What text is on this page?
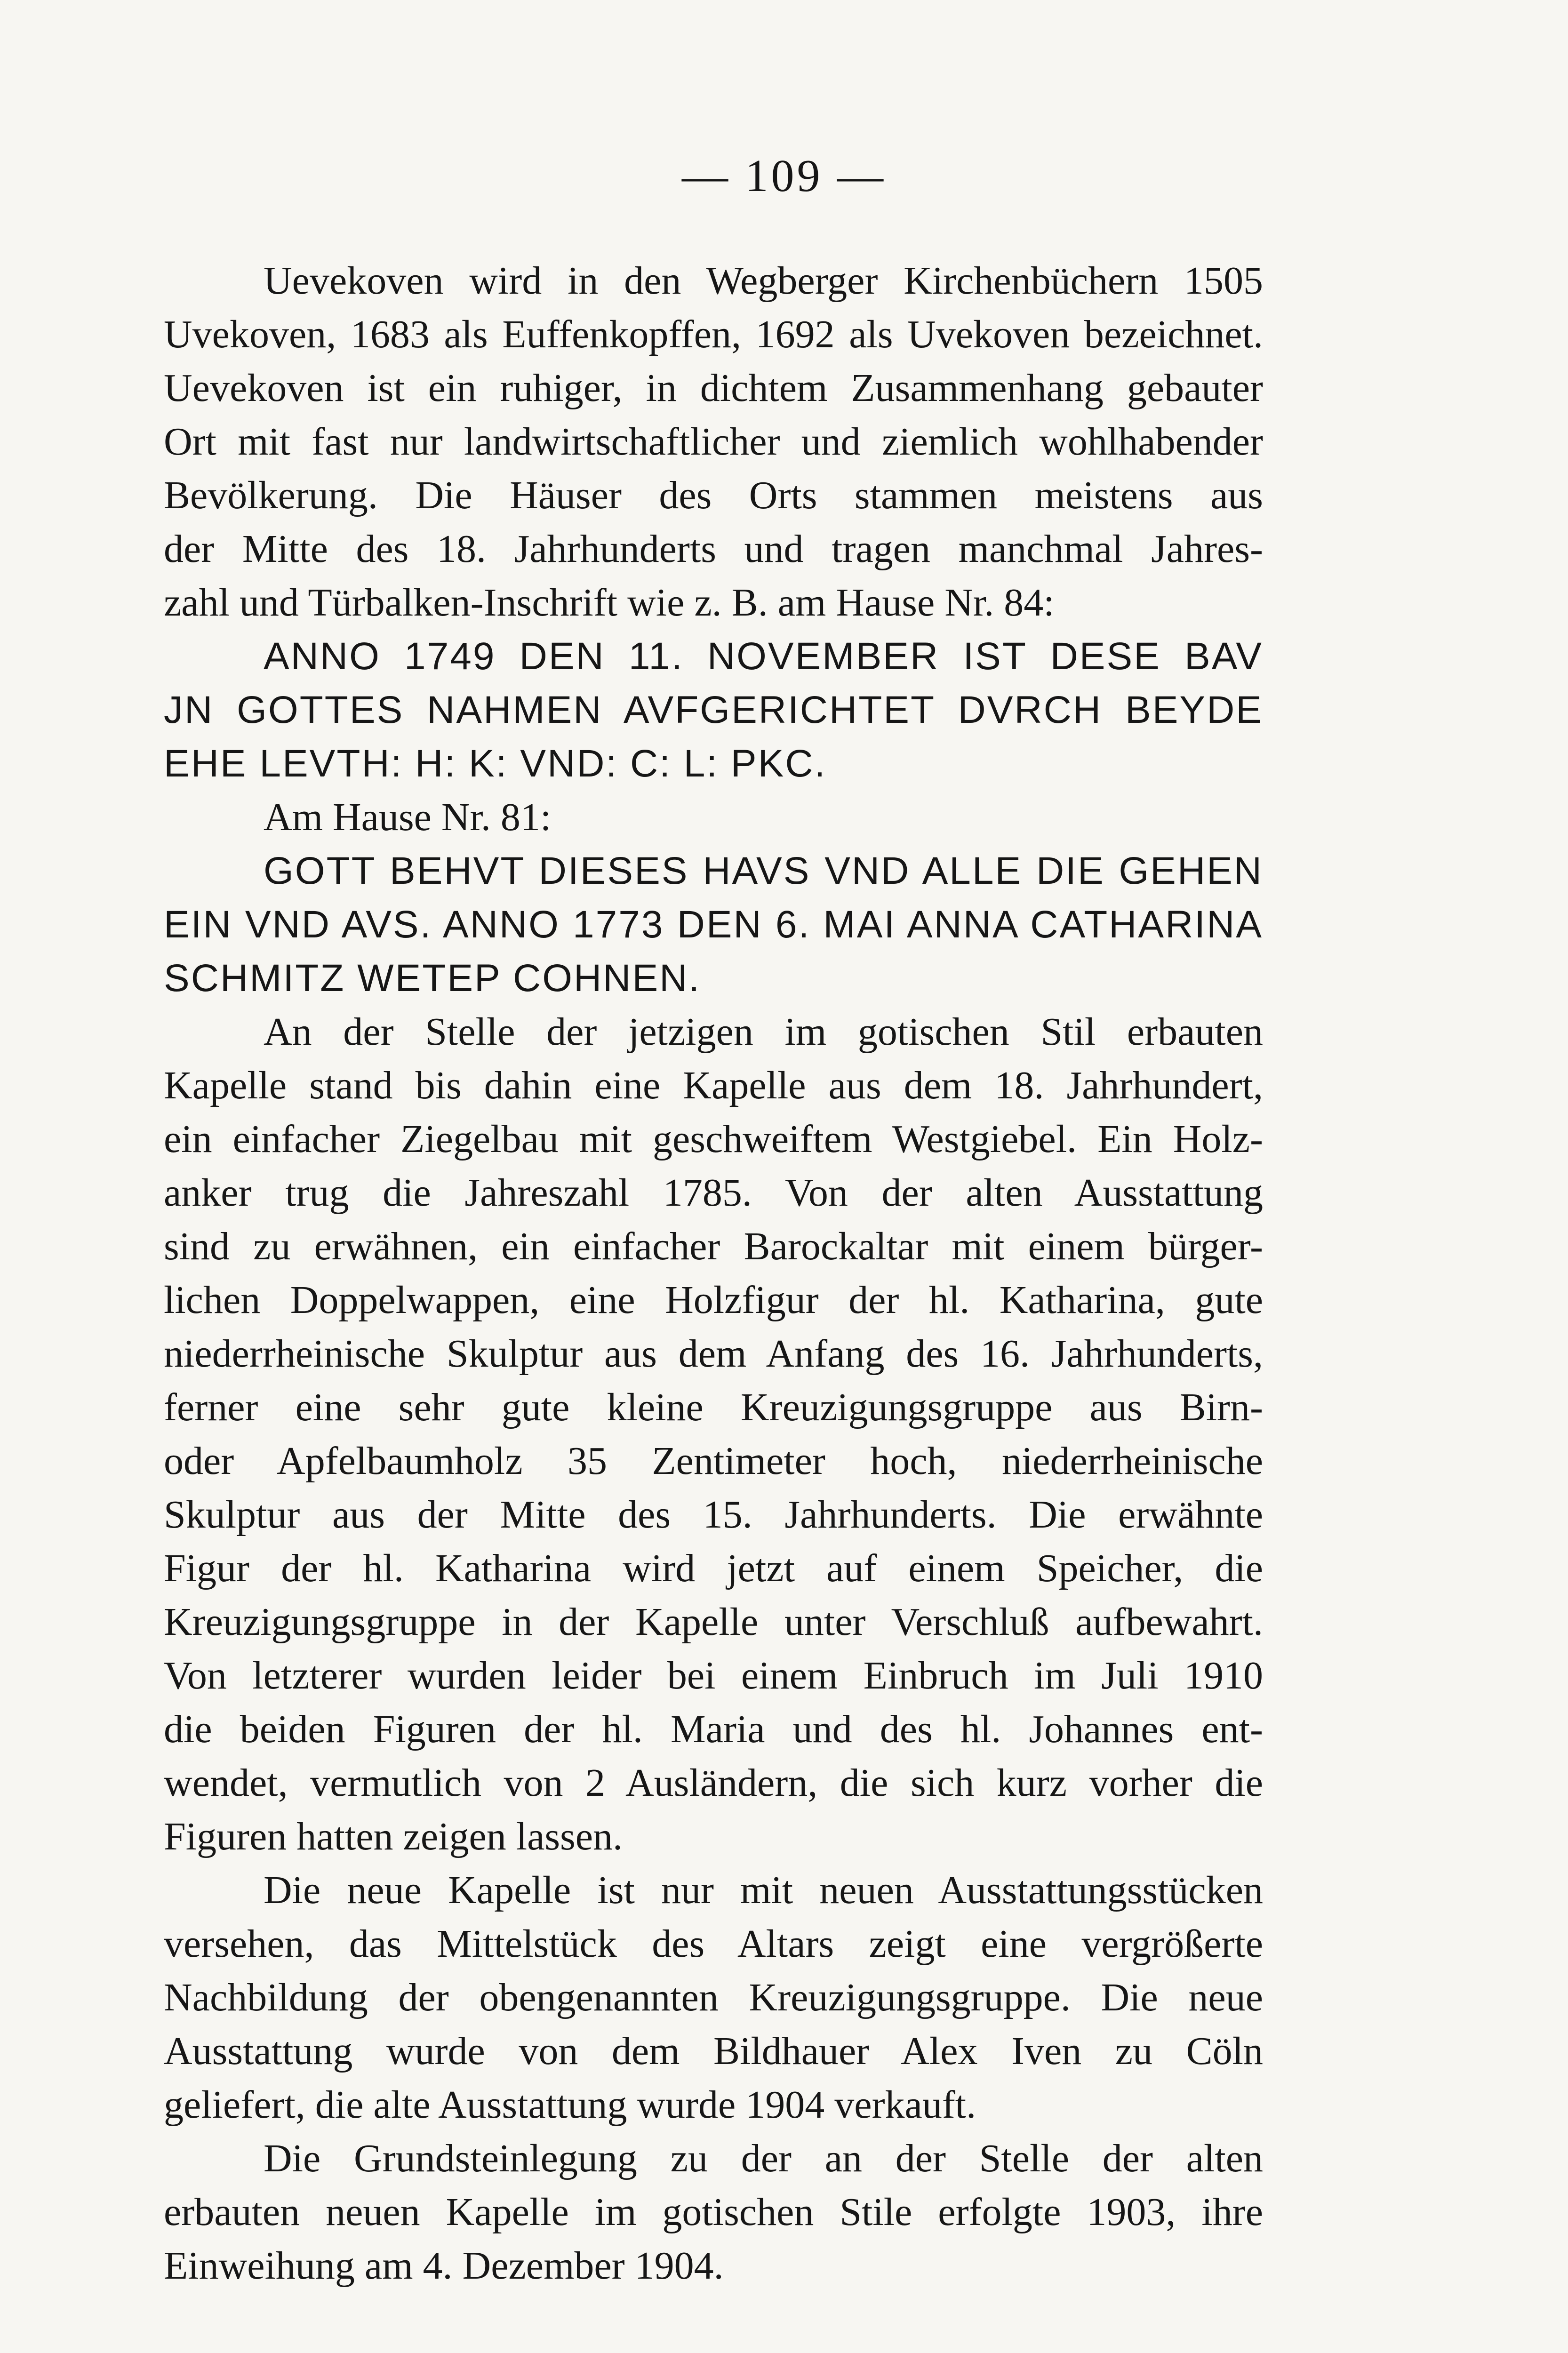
— 109 —
Uevekoven wird in den Wegberger Kirchenbüchern 1505
Uvekoven, 1683 als Euffenkopffen, 1692 als Uvekoven bezeichnet.
Uevekoven ist ein ruhiger, in dichtem Zusammenhang gebauter
Ort mit fast nur landwirtschaftlicher und ziemlich wohlhabender
Bevölkerung. Die Häuser des Orts stammen meistens aus
der Mitte des 18. Jahrhunderts und tragen manchmal Jahres-
zahl und Türbalken-Inschrift wie z. B. am Hause Nr. 84:
ANNO 1749 DEN 11. NOVEMBER IST DESE BAV
JN GOTTES NAHMEN AVFGERICHTET DVRCH BEYDE
EHE LEVTH: H: K: VND: C: L: PKC.
Am Hause Nr. 81:
GOTT BEHVT DIESES HAVS VND ALLE DIE GEHEN
EIN VND AVS. ANNO 1773 DEN 6. MAI ANNA CATHARINA
SCHMITZ WETEP COHNEN.
An der Stelle der jetzigen im gotischen Stil erbauten
Kapelle stand bis dahin eine Kapelle aus dem 18. Jahrhundert,
ein einfacher Ziegelbau mit geschweiftem Westgiebel. Ein Holz-
anker trug die Jahreszahl 1785. Von der alten Ausstattung
sind zu erwähnen, ein einfacher Barockaltar mit einem bürger-
lichen Doppelwappen, eine Holzfigur der hl. Katharina, gute
niederrheinische Skulptur aus dem Anfang des 16. Jahrhunderts,
ferner eine sehr gute kleine Kreuzigungsgruppe aus Birn-
oder Apfelbaumholz 35 Zentimeter hoch, niederrheinische
Skulptur aus der Mitte des 15. Jahrhunderts. Die erwähnte
Figur der hl. Katharina wird jetzt auf einem Speicher, die
Kreuzigungsgruppe in der Kapelle unter Verschluß aufbewahrt.
Von letzterer wurden leider bei einem Einbruch im Juli 1910
die beiden Figuren der hl. Maria und des hl. Johannes ent-
wendet, vermutlich von 2 Ausländern, die sich kurz vorher die
Figuren hatten zeigen lassen.
Die neue Kapelle ist nur mit neuen Ausstattungsstücken
versehen, das Mittelstück des Altars zeigt eine vergrößerte
Nachbildung der obengenannten Kreuzigungsgruppe. Die neue
Ausstattung wurde von dem Bildhauer Alex Iven zu Cöln
geliefert, die alte Ausstattung wurde 1904 verkauft.
Die Grundsteinlegung zu der an der Stelle der alten
erbauten neuen Kapelle im gotischen Stile erfolgte 1903, ihre
Einweihung am 4. Dezember 1904.
